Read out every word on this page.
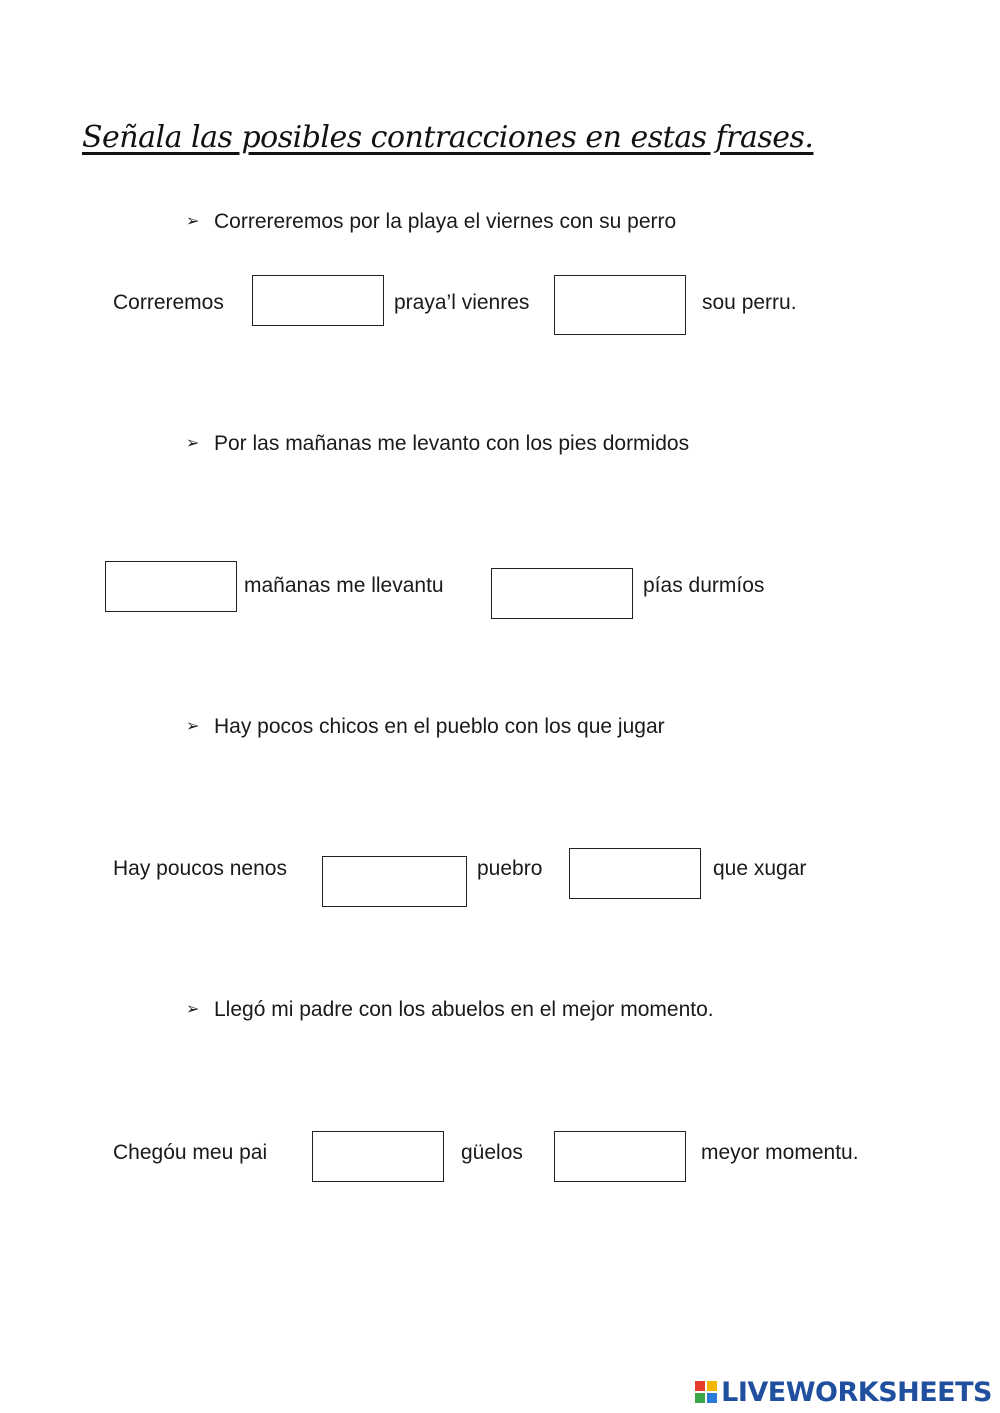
Señala las posibles contracciones en estas frases.
➢ Correreremos por la playa el viernes con su perro
Correremos	praya’l vienres	sou perru.
➢ Por las mañanas me levanto con los pies dormidos
mañanas me llevantu	pías durmíos
➢ Hay pocos chicos en el pueblo con los que jugar
Hay poucos nenos	puebro	que xugar
➢ Llegó mi padre con los abuelos en el mejor momento.
Chegóu meu pai	güelos	meyor momentu.
LIVEWORKSHEETS
